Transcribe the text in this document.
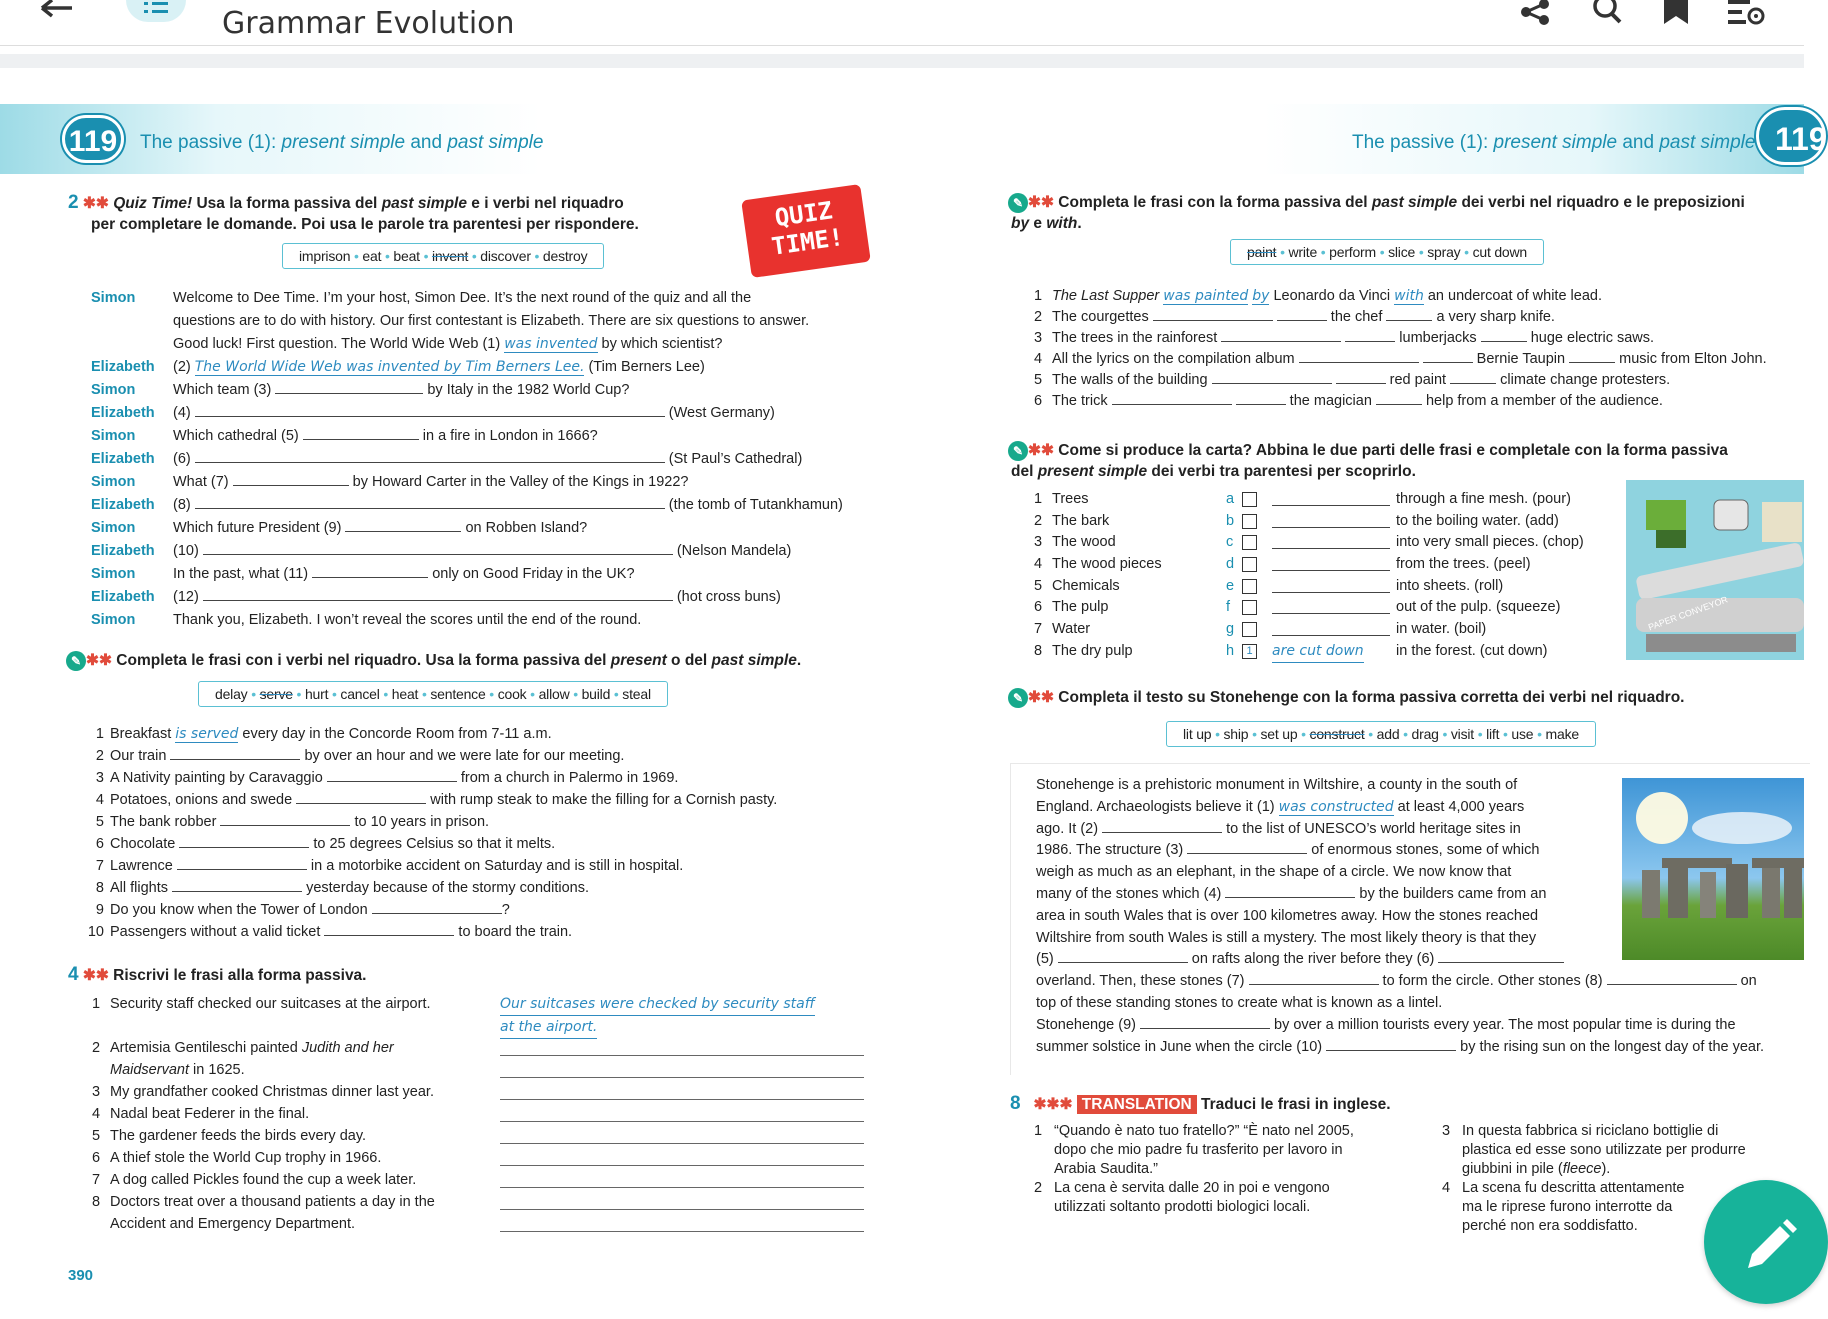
Grammar Evolution
119	The passive (1): present simple and past simple	The passive (1): present simple and past simple 119
2 ✱✱ Quiz Time! Usa la forma passiva del past simple e i verbi nel riquadro
per completare le domande. Poi usa le parole tra parentesi per rispondere.	QUIZ
TIME!
imprison • eat • beat • invent • discover • destroy
Simon	Welcome to Dee Time. I’m your host, Simon Dee. It’s the next round of the quiz and all the
questions are to do with history. Our first contestant is Elizabeth. There are six questions to answer.
Good luck! First question. The World Wide Web (1) was invented by which scientist?
Elizabeth (2) The World Wide Web was invented by Tim Berners Lee. (Tim Berners Lee)
Simon	Which team (3)	by Italy in the 1982 World Cup?
Elizabeth (4)	(West Germany)
Simon	Which cathedral (5)	in a fire in London in 1666?
Elizabeth (6)	(St Paul’s Cathedral)
Simon	What (7)	by Howard Carter in the Valley of the Kings in 1922?
Elizabeth (8)	(the tomb of Tutankhamun)
Simon	Which future President (9)	on Robben Island?
Elizabeth (10)	(Nelson Mandela)
Simon	In the past, what (11)	only on Good Friday in the UK?
Elizabeth (12)	(hot cross buns)
Simon	Thank you, Elizabeth. I won’t reveal the scores until the end of the round.
✎ ✱✱ Completa le frasi con i verbi nel riquadro. Usa la forma passiva del present o del past simple.
delay • serve • hurt • cancel • heat • sentence • cook • allow • build • steal
1 Breakfast is served every day in the Concorde Room from 7-11 a.m.
2 Our train	by over an hour and we were late for our meeting.
3 A Nativity painting by Caravaggio	from a church in Palermo in 1969.
4 Potatoes, onions and swede	with rump steak to make the filling for a Cornish pasty.
5 The bank robber	to 10 years in prison.
6 Chocolate	to 25 degrees Celsius so that it melts.
7 Lawrence	in a motorbike accident on Saturday and is still in hospital.
8 All flights	yesterday because of the stormy conditions.
9 Do you know when the Tower of London	?
10 Passengers without a valid ticket	to board the train.
4 ✱✱ Riscrivi le frasi alla forma passiva.
1 Security staff checked our suitcases at the airport.	Our suitcases were checked by security staff
at the airport.
2 Artemisia Gentileschi painted Judith and her
Maidservant in 1625.
3 My grandfather cooked Christmas dinner last year.
4 Nadal beat Federer in the final.
5 The gardener feeds the birds every day.
6 A thief stole the World Cup trophy in 1966.
7 A dog called Pickles found the cup a week later.
8 Doctors treat over a thousand patients a day in the
Accident and Emergency Department.
390
✎ ✱✱ Completa le frasi con la forma passiva del past simple dei verbi nel riquadro e le preposizioni
by e with.
paint • write • perform • slice • spray • cut down
1 The Last Supper was painted by Leonardo da Vinci with an undercoat of white lead.
2 The courgettes	the chef	a very sharp knife.
3 The trees in the rainforest	lumberjacks	huge electric saws.
4 All the lyrics on the compilation album	Bernie Taupin	music from Elton John.
5 The walls of the building	red paint	climate change protesters.
6 The trick	the magician	help from a member of the audience.
✎ ✱✱ Come si produce la carta? Abbina le due parti delle frasi e completale con la forma passiva
del present simple dei verbi tra parentesi per scoprirlo.
1 Trees	a	through a fine mesh. (pour)
2 The bark	b	to the boiling water. (add)
3 The wood	c	into very small pieces. (chop)
4 The wood pieces	d	from the trees. (peel)
5 Chemicals	e	into sheets. (roll)
6 The pulp	f	out of the pulp. (squeeze)
7 Water	g	in water. (boil)
8 The dry pulp	h	1	are cut down in the forest. (cut down)
PAPER CONVEYOR
✎ ✱✱ Completa il testo su Stonehenge con la forma passiva corretta dei verbi nel riquadro.
lit up • ship • set up • construct • add • drag • visit • lift • use • make
Stonehenge is a prehistoric monument in Wiltshire, a county in the south of
England. Archaeologists believe it (1) was constructed at least 4,000 years
ago. It (2)	to the list of UNESCO’s world heritage sites in
1986. The structure (3)	of enormous stones, some of which
weigh as much as an elephant, in the shape of a circle. We now know that
many of the stones which (4)	by the builders came from an
area in south Wales that is over 100 kilometres away. How the stones reached
Wiltshire from south Wales is still a mystery. The most likely theory is that they
(5)	on rafts along the river before they (6)
overland. Then, these stones (7)	to form the circle. Other stones (8)	on
top of these standing stones to create what is known as a lintel.
Stonehenge (9)	by over a million tourists every year. The most popular time is during the
summer solstice in June when the circle (10)	by the rising sun on the longest day of the year.
8 ✱✱✱ TRANSLATION Traduci le frasi in inglese.
1 “Quando è nato tuo fratello?” “È nato nel 2005,
dopo che mio padre fu trasferito per lavoro in
Arabia Saudita.”
2 La cena è servita dalle 20 in poi e vengono
utilizzati soltanto prodotti biologici locali.
3 In questa fabbrica si riciclano bottiglie di
plastica ed esse sono utilizzate per produrre
giubbini in pile (fleece).
4 La scena fu descritta attentamente
ma le riprese furono interrotte da
perché non era soddisfatto.
